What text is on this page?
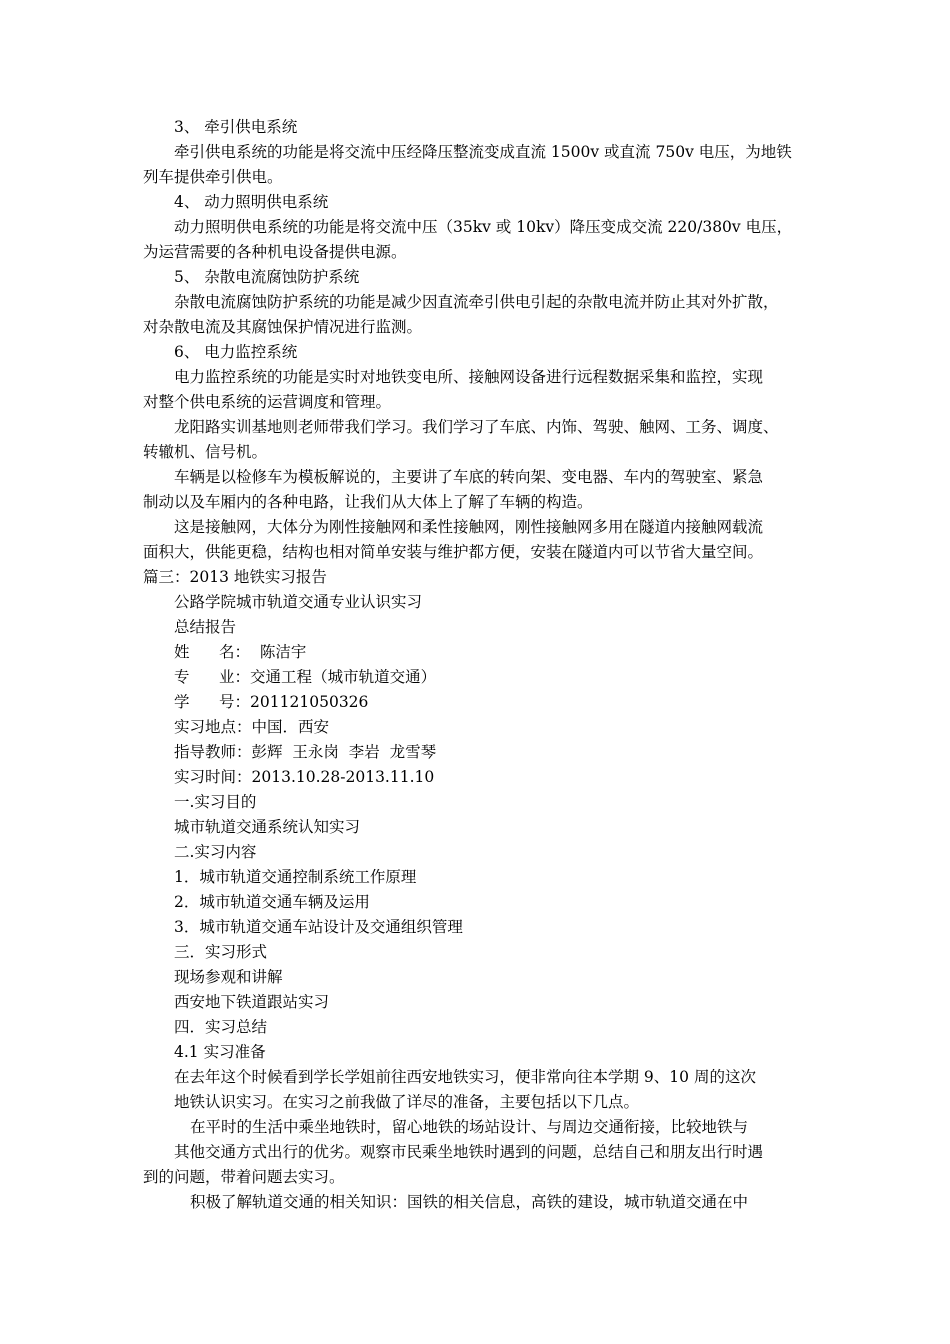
3、 牵引供电系统

牵引供电系统的功能是将交流中压经降压整流变成直流 1500v 或直流 750v 电压，为地铁

列车提供牵引供电。

4、 动力照明供电系统

动力照明供电系统的功能是将交流中压（35kv 或 10kv）降压变成交流 220/380v 电压，

为运营需要的各种机电设备提供电源。

5、 杂散电流腐蚀防护系统

杂散电流腐蚀防护系统的功能是减少因直流牵引供电引起的杂散电流并防止其对外扩散，

对杂散电流及其腐蚀保护情况进行监测。

6、 电力监控系统

电力监控系统的功能是实时对地铁变电所、接触网设备进行远程数据采集和监控，实现

对整个供电系统的运营调度和管理。

龙阳路实训基地则老师带我们学习。我们学习了车底、内饰、驾驶、触网、工务、调度、

转辙机、信号机。

车辆是以检修车为模板解说的，主要讲了车底的转向架、变电器、车内的驾驶室、紧急

制动以及车厢内的各种电路，让我们从大体上了解了车辆的构造。

这是接触网，大体分为刚性接触网和柔性接触网，刚性接触网多用在隧道内接触网载流

面积大，供能更稳，结构也相对简单安装与维护都方便，安装在隧道内可以节省大量空间。

篇三：2013 地铁实习报告

公路学院城市轨道交通专业认识实习

总结报告

姓      名：  陈洁宇

专      业：交通工程（城市轨道交通）

学      号：201121050326

实习地点：中国．西安

指导教师：彭辉  王永岗  李岩  龙雪琴

实习时间：2013.10.28-2013.11.10

一.实习目的

城市轨道交通系统认知实习

二.实习内容

1．城市轨道交通控制系统工作原理

2．城市轨道交通车辆及运用

3．城市轨道交通车站设计及交通组织管理

三．实习形式

现场参观和讲解

西安地下铁道跟站实习

四．实习总结

4.1 实习准备

在去年这个时候看到学长学姐前往西安地铁实习，便非常向往本学期 9、10 周的这次

地铁认识实习。在实习之前我做了详尽的准备，主要包括以下几点。

在平时的生活中乘坐地铁时，留心地铁的场站设计、与周边交通衔接，比较地铁与

其他交通方式出行的优劣。观察市民乘坐地铁时遇到的问题，总结自己和朋友出行时遇

到的问题，带着问题去实习。

积极了解轨道交通的相关知识：国铁的相关信息，高铁的建设，城市轨道交通在中
